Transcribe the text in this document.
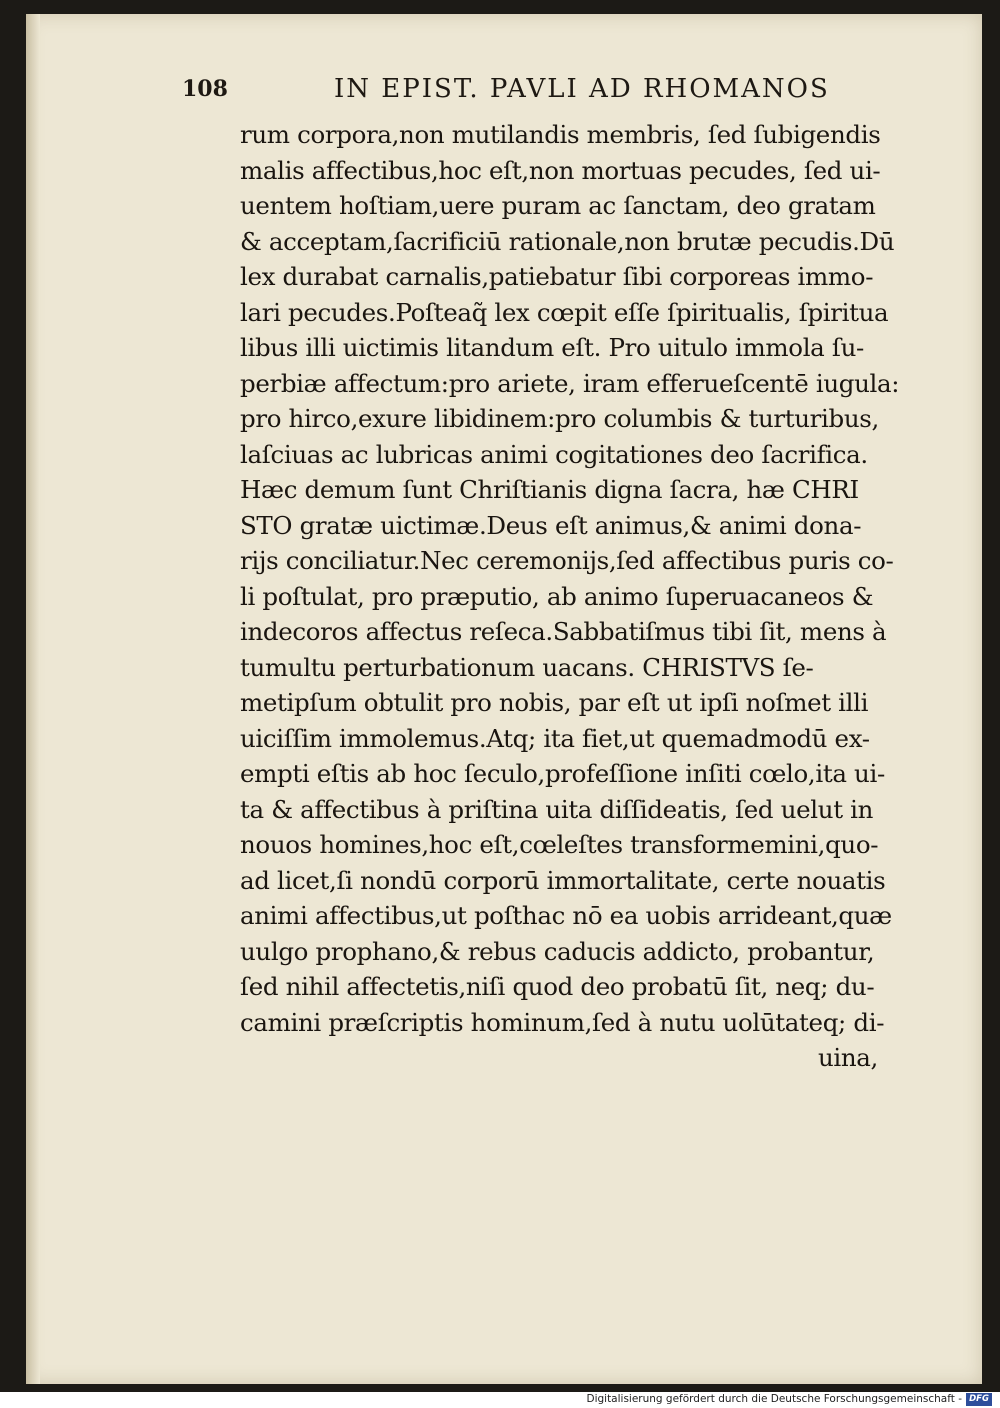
108	IN EPIST. PAVLI AD RHOMANOS
rum corpora,non mutilandis membris, ſed ſubigendis
malis affectibus,hoc eſt,non mortuas pecudes, ſed ui-
uentem hoſtiam,uere puram ac ſanctam, deo gratam
& acceptam,ſacrificiū rationale,non brutæ pecudis.Dū
lex durabat carnalis,patiebatur ſibi corporeas immo-
lari pecudes.Poſteaq̃ lex cœpit eſſe ſpiritualis, ſpiritua
libus illi uictimis litandum eſt. Pro uitulo immola ſu-
perbiæ affectum:pro ariete, iram efferueſcentē iugula:
pro hirco,exure libidinem:pro columbis & turturibus,
laſciuas ac lubricas animi cogitationes deo ſacrifica.
Hæc demum ſunt Chriſtianis digna ſacra, hæ CHRI
STO gratæ uictimæ.Deus eſt animus,& animi dona-
rijs conciliatur.Nec ceremonijs,ſed affectibus puris co-
li poſtulat, pro præputio, ab animo ſuperuacaneos &
indecoros affectus reſeca.Sabbatiſmus tibi ſit, mens à
tumultu perturbationum uacans. CHRISTVS ſe-
metipſum obtulit pro nobis, par eſt ut ipſi noſmet illi
uiciſſim immolemus.Atq; ita fiet,ut quemadmodū ex-
empti eſtis ab hoc ſeculo,profeſſione inſiti cœlo,ita ui-
ta & affectibus à priſtina uita diſſideatis, ſed uelut in
nouos homines,hoc eſt,cœleſtes transformemini,quo-
ad licet,ſi nondū corporū immortalitate, certe nouatis
animi affectibus,ut poſthac nō ea uobis arrideant,quæ
uulgo prophano,& rebus caducis addicto, probantur,
ſed nihil affectetis,niſi quod deo probatū ſit, neq; du-
camini præſcriptis hominum,ſed à nutu uolūtateq; di-
uina,
Digitalisierung gefördert durch die Deutsche Forschungsgemeinschaft - DFG
